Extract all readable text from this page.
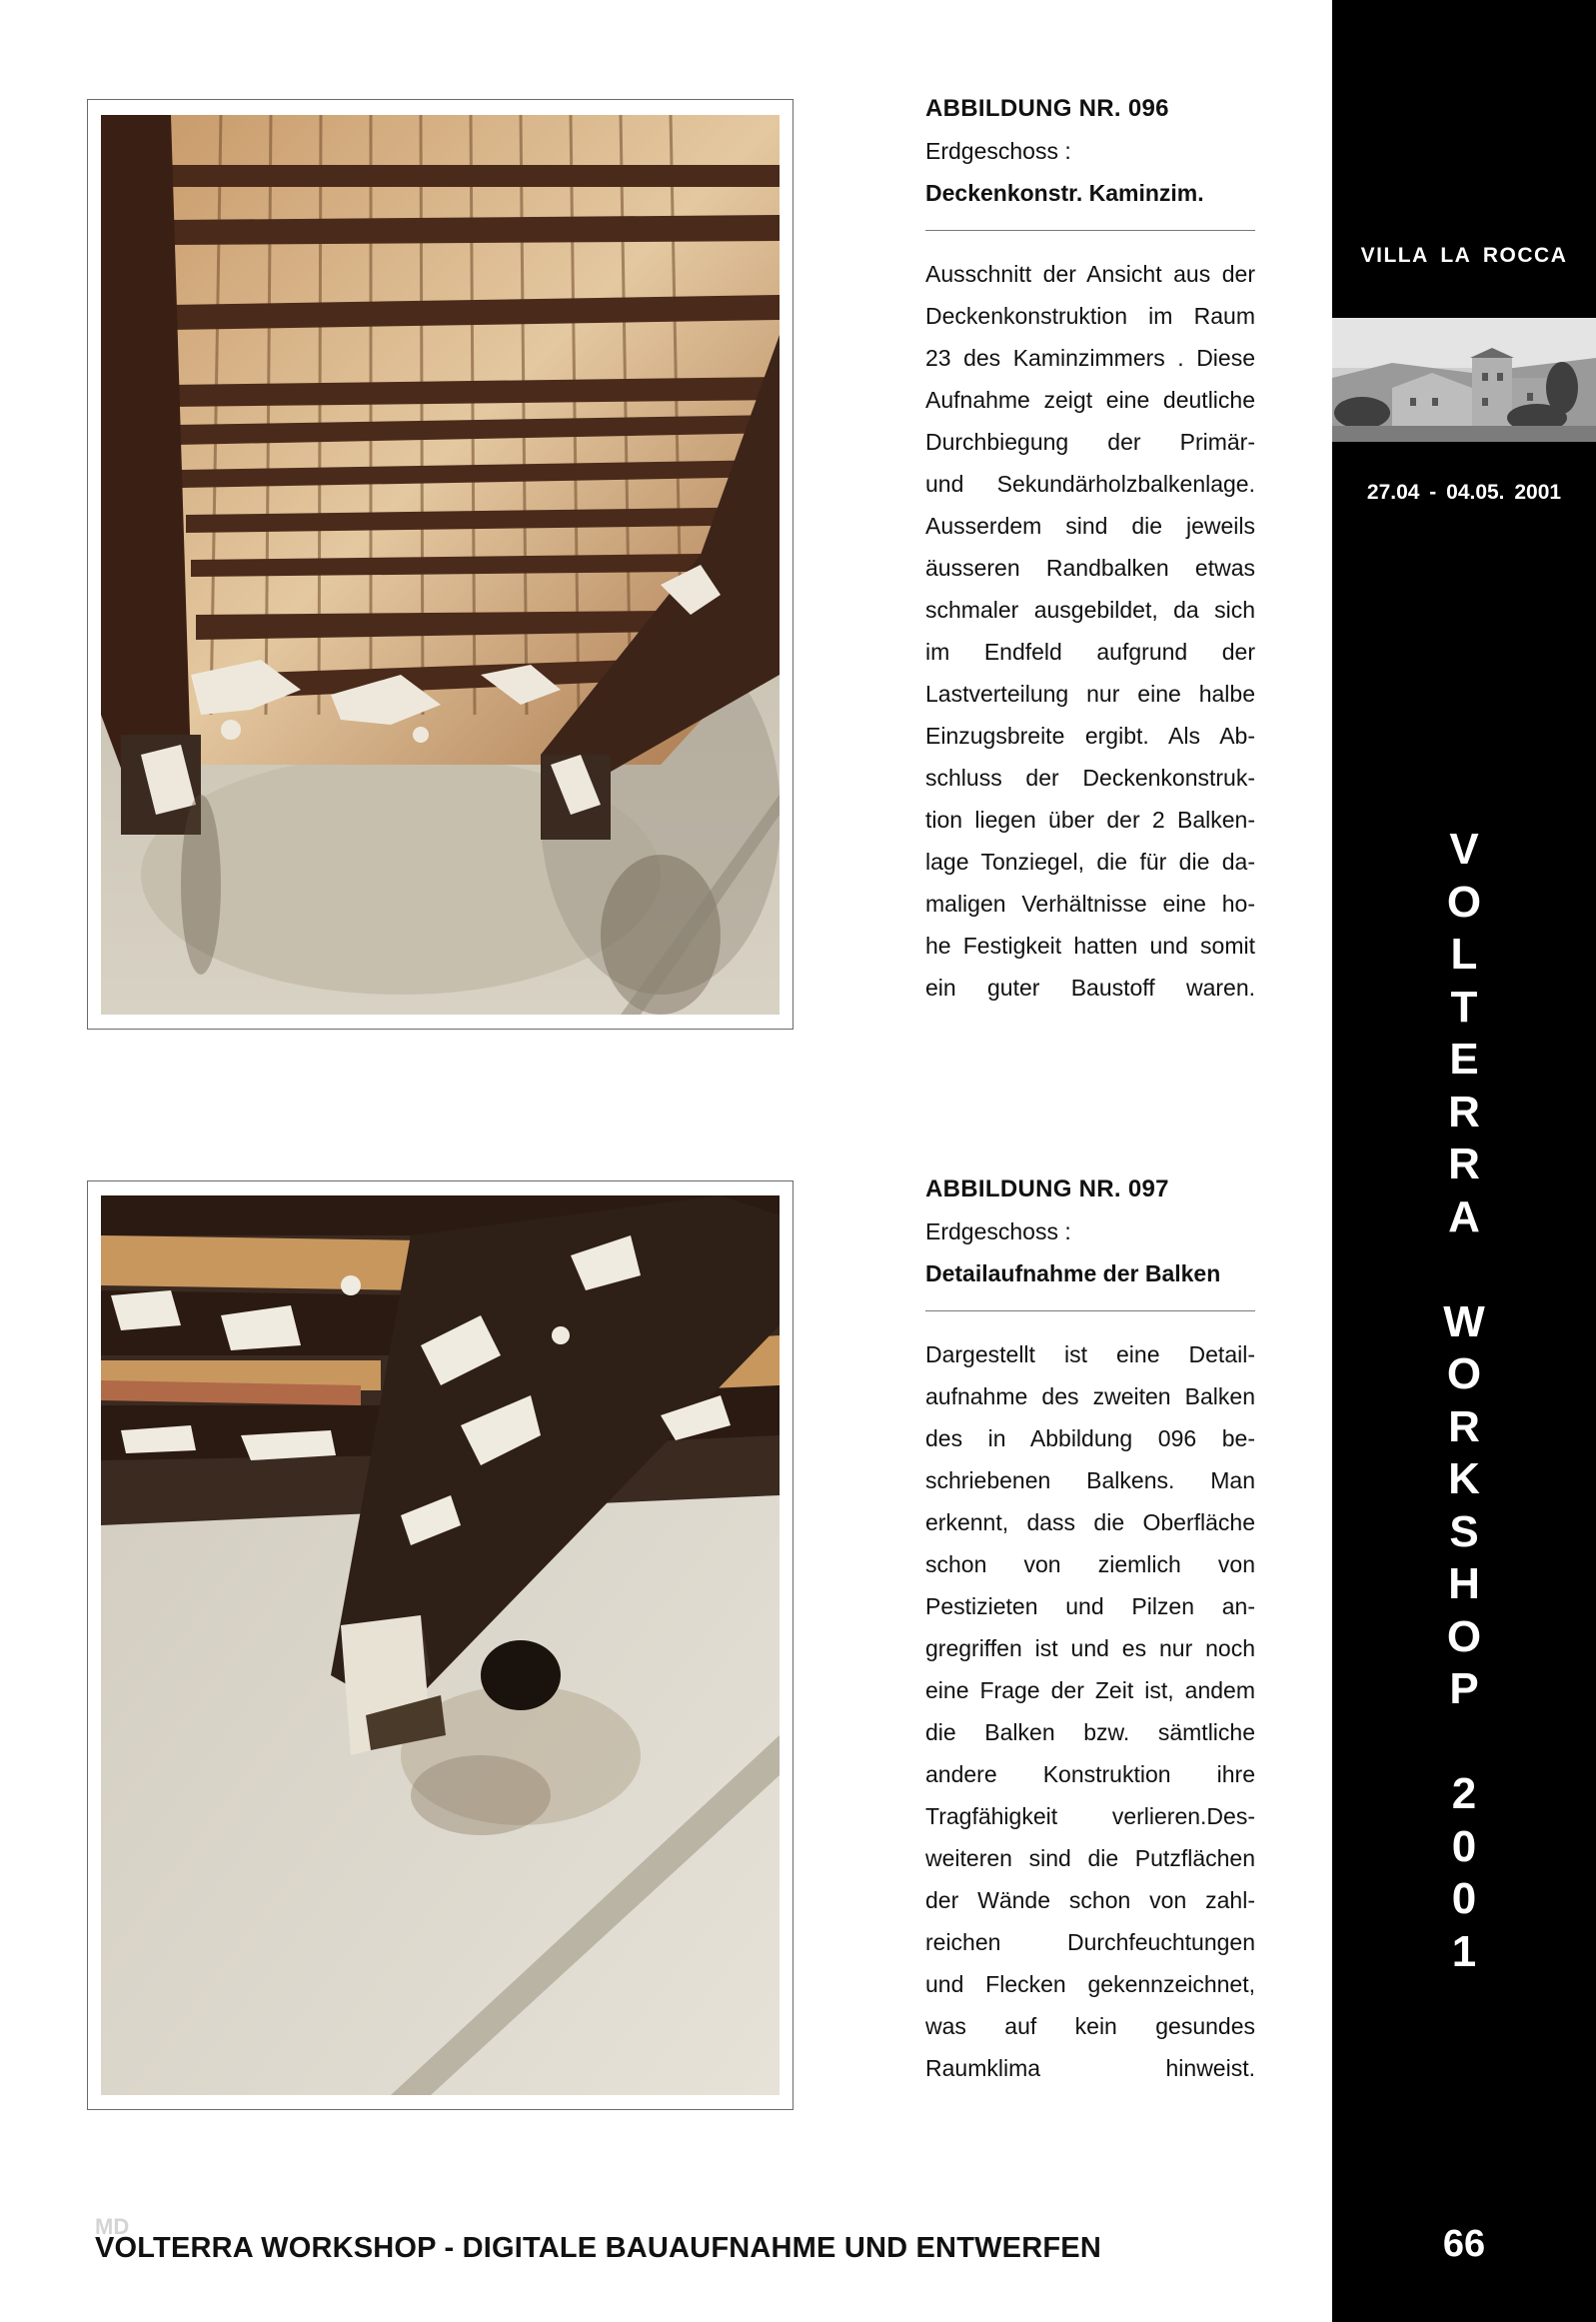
ABBILDUNG NR. 096
Erdgeschoss :
Deckenkonstr. Kaminzim.
Ausschnitt der Ansicht aus der
Deckenkonstruktion im Raum
23 des Kaminzimmers . Diese
Aufnahme zeigt eine deutliche
Durchbiegung der Primär-
und Sekundärholzbalkenlage.
Ausserdem sind die jeweils
äusseren Randbalken etwas
schmaler ausgebildet, da sich
im Endfeld aufgrund der
Lastverteilung nur eine halbe
Einzugsbreite ergibt. Als Ab-
schluss der Deckenkonstruk-
tion liegen über der 2 Balken-
lage Tonziegel, die für die da-
maligen Verhältnisse eine ho-
he Festigkeit hatten und somit
ein guter Baustoff waren.
ABBILDUNG NR. 097
Erdgeschoss :
Detailaufnahme der Balken
Dargestellt ist eine Detail-
aufnahme des zweiten Balken
des in Abbildung 096 be-
schriebenen Balkens. Man
erkennt, dass die Oberfläche
schon von ziemlich von
Pestizieten und Pilzen an-
gregriffen ist und es nur noch
eine Frage der Zeit ist, andem
die Balken bzw. sämtliche
andere Konstruktion ihre
Tragfähigkeit verlieren.Des-
weiteren sind die Putzflächen
der Wände schon von zahl-
reichen Durchfeuchtungen
und Flecken gekennzeichnet,
was auf kein gesundes
Raumklima hinweist.
VILLA LA ROCCA
27.04 - 04.05. 2001
V
O
L
T
E
R
R
A

W
O
R
K
S
H
O
P

2
0
0
1
66
MD
VOLTERRA WORKSHOP - DIGITALE BAUAUFNAHME UND ENTWERFEN
